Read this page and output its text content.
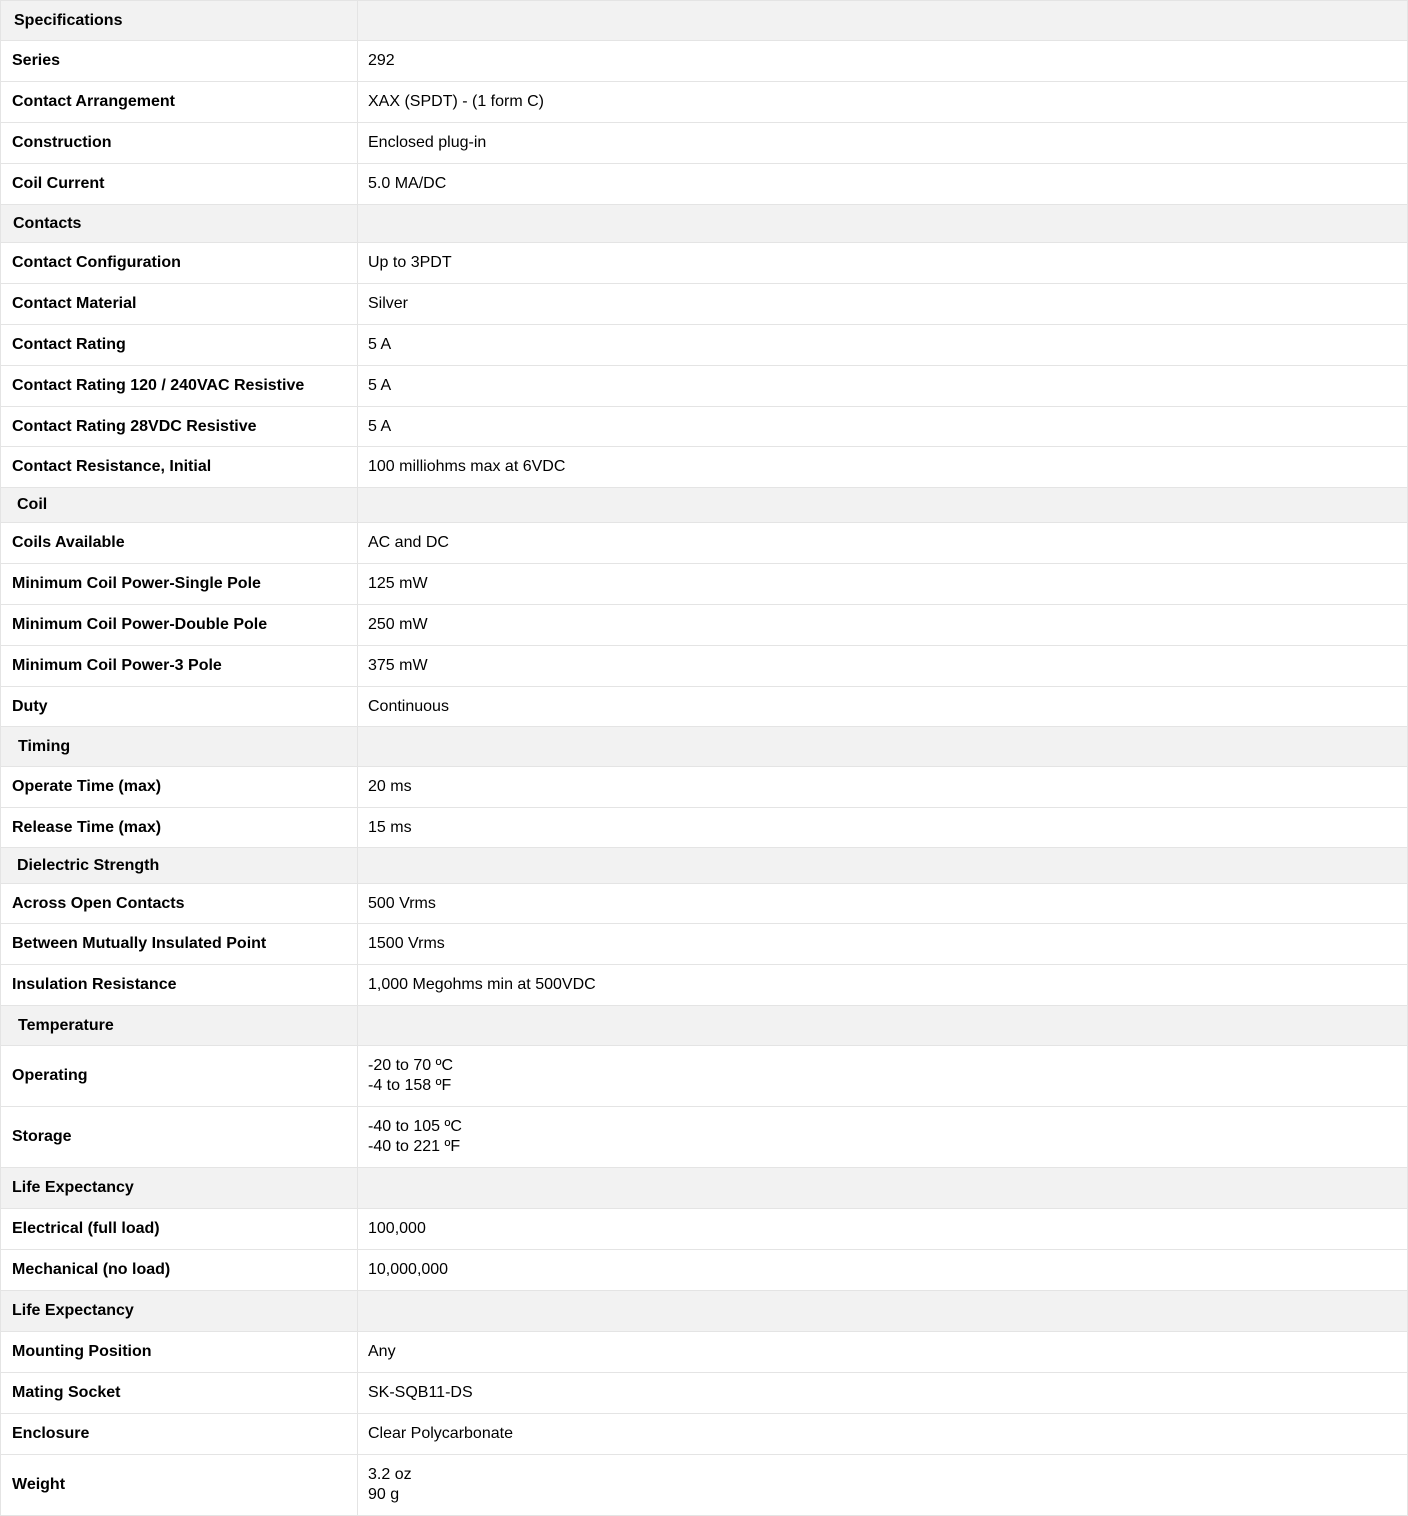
Specifications	
Series	292

Contact Arrangement	XAX (SPDT) - (1 form C)

Construction	Enclosed plug-in

Coil Current	5.0 MA/DC

Contacts	
Contact Configuration	Up to 3PDT

Contact Material	Silver

Contact Rating	5 A

Contact Rating 120 / 240VAC Resistive	5 A

Contact Rating 28VDC Resistive	5 A

Contact Resistance, Initial	100 milliohms max at 6VDC

Coil	
Coils Available	AC and DC

Minimum Coil Power-Single Pole	125 mW

Minimum Coil Power-Double Pole	250 mW

Minimum Coil Power-3 Pole	375 mW

Duty	Continuous

Timing	
Operate Time (max)	20 ms

Release Time (max)	15 ms

Dielectric Strength	
Across Open Contacts	500 Vrms

Between Mutually Insulated Point	1500 Vrms

Insulation Resistance	1,000 Megohms min at 500VDC

Temperature	
Operating	-20 to 70 ºC
-4 to 158 ºF

Storage	-40 to 105 ºC
-40 to 221 ºF

Life Expectancy	
Electrical (full load)	100,000

Mechanical (no load)	10,000,000

Life Expectancy	
Mounting Position	Any

Mating Socket	SK-SQB11-DS

Enclosure	Clear Polycarbonate

Weight	3.2 oz
90 g
